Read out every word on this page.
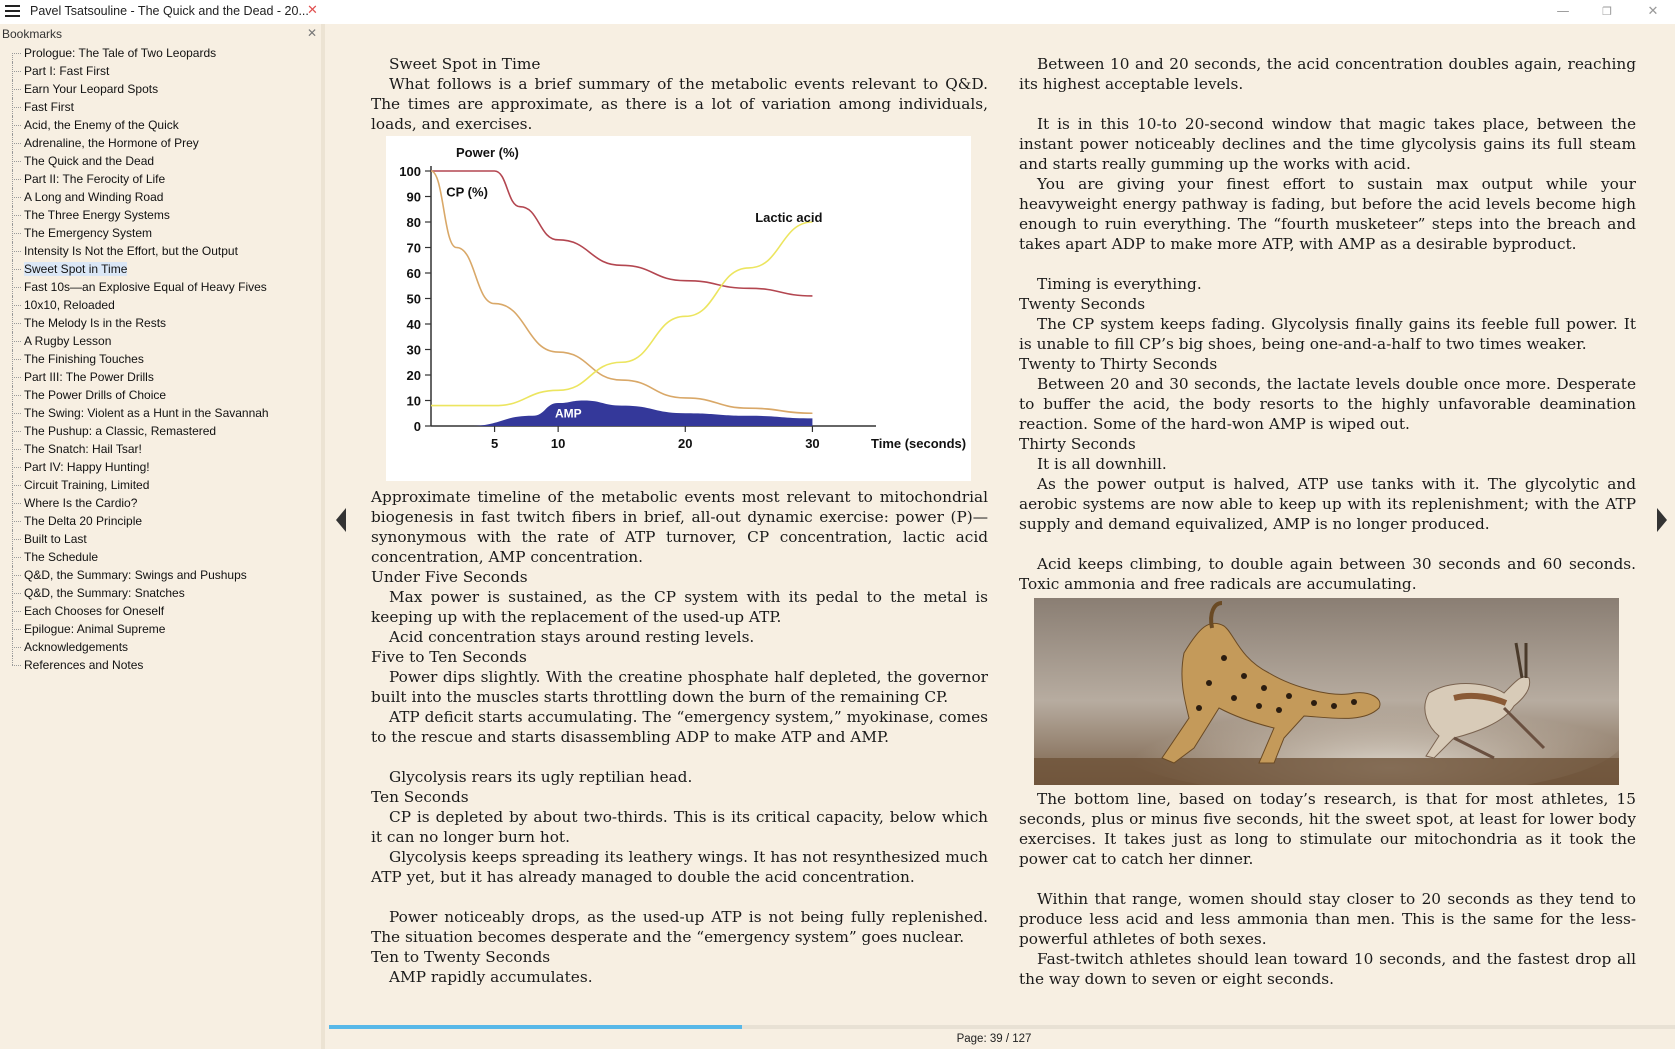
Pavel Tsatsouline - The Quick and the Dead - 20...
✕	—	❐	✕
Bookmarks	✕
Prologue: The Tale of Two Leopards
Part I: Fast First
Earn Your Leopard Spots
Fast First
Acid, the Enemy of the Quick
Adrenaline, the Hormone of Prey
The Quick and the Dead
Part II: The Ferocity of Life
A Long and Winding Road
The Three Energy Systems
The Emergency System
Intensity Is Not the Effort, but the Output
Sweet Spot in Time
Fast 10s—an Explosive Equal of Heavy Fives
10x10, Reloaded
The Melody Is in the Rests
A Rugby Lesson
The Finishing Touches
Part III: The Power Drills
The Power Drills of Choice
The Swing: Violent as a Hunt in the Savannah
The Pushup: a Classic, Remastered
The Snatch: Hail Tsar!
Part IV: Happy Hunting!
Circuit Training, Limited
Where Is the Cardio?
The Delta 20 Principle
Built to Last
The Schedule
Q&D, the Summary: Swings and Pushups
Q&D, the Summary: Snatches
Each Chooses for Oneself
Epilogue: Animal Supreme
Acknowledgements
References and Notes

Sweet Spot in Time

What follows is a brief summary of the metabolic events relevant to Q&D. The times are approximate, as there is a lot of variation among individuals, loads, and exercises.

0
10
20
30
40
50
60
70
80
90
100
5	10	20	30
Power (%)
Time (seconds)
CP (%)
Lactic acid
AMP

Approximate timeline of the metabolic events most relevant to mitochondrial biogenesis in fast twitch fibers in brief, all-out dynamic exercise: power (P)—synonymous with the rate of ATP turnover, CP concentration, lactic acid concentration, AMP concentration.

Under Five Seconds

Max power is sustained, as the CP system with its pedal to the metal is keeping up with the replacement of the used-up ATP.

Acid concentration stays around resting levels.

Five to Ten Seconds

Power dips slightly. With the creatine phosphate half depleted, the governor built into the muscles starts throttling down the burn of the remaining CP.

ATP deficit starts accumulating. The “emergency system,” myokinase, comes to the rescue and starts disassembling ADP to make ATP and AMP.

Glycolysis rears its ugly reptilian head.

Ten Seconds

CP is depleted by about two-thirds. This is its critical capacity, below which it can no longer burn hot.

Glycolysis keeps spreading its leathery wings. It has not resynthesized much ATP yet, but it has already managed to double the acid concentration.

Power noticeably drops, as the used-up ATP is not being fully replenished. The situation becomes desperate and the “emergency system” goes nuclear.

Ten to Twenty Seconds

AMP rapidly accumulates.

Between 10 and 20 seconds, the acid concentration doubles again, reaching its highest acceptable levels.

It is in this 10-to 20-second window that magic takes place, between the instant power noticeably declines and the time glycolysis gains its full steam and starts really gumming up the works with acid.

You are giving your finest effort to sustain max output while your heavyweight energy pathway is fading, but before the acid levels become high enough to ruin everything. The “fourth musketeer” steps into the breach and takes apart ADP to make more ATP, with AMP as a desirable byproduct.

Timing is everything.

Twenty Seconds

The CP system keeps fading. Glycolysis finally gains its feeble full power. It is unable to fill CP’s big shoes, being one-and-a-half to two times weaker.

Twenty to Thirty Seconds

Between 20 and 30 seconds, the lactate levels double once more. Desperate to buffer the acid, the body resorts to the highly unfavorable deamination reaction. Some of the hard-won AMP is wiped out.

Thirty Seconds

It is all downhill.

As the power output is halved, ATP use tanks with it. The glycolytic and aerobic systems are now able to keep up with its replenishment; with the ATP supply and demand equivalized, AMP is no longer produced.

Acid keeps climbing, to double again between 30 seconds and 60 seconds. Toxic ammonia and free radicals are accumulating.

The bottom line, based on today’s research, is that for most athletes, 15 seconds, plus or minus five seconds, hit the sweet spot, at least for lower body exercises. It takes just as long to stimulate our mitochondria as it took the power cat to catch her dinner.

Within that range, women should stay closer to 20 seconds as they tend to produce less acid and less ammonia than men. This is the same for the less-powerful athletes of both sexes.

Fast-twitch athletes should lean toward 10 seconds, and the fastest drop all the way down to seven or eight seconds.

Page: 39 / 127
